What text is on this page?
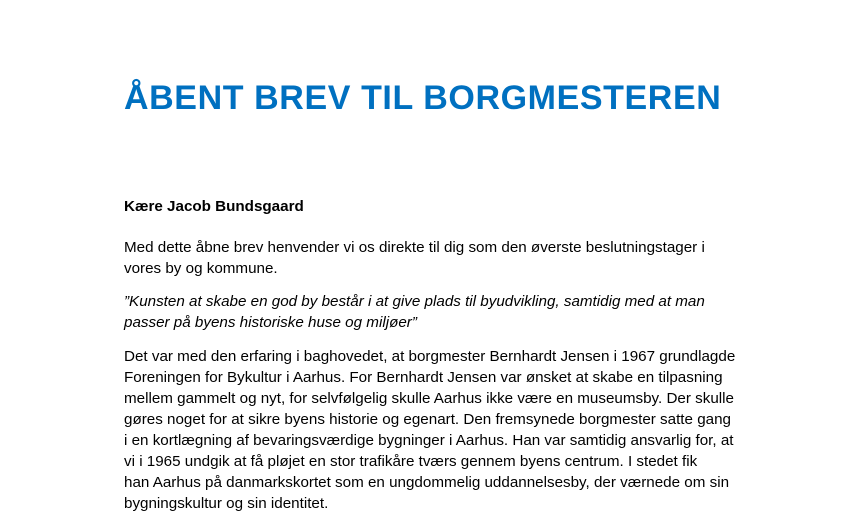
ÅBENT BREV TIL BORGMESTEREN

Kære Jacob Bundsgaard

Med dette åbne brev henvender vi os direkte til dig som den øverste beslutningstager i
vores by og kommune.

”Kunsten at skabe en god by består i at give plads til byudvikling, samtidig med at man
passer på byens historiske huse og miljøer”

Det var med den erfaring i baghovedet, at borgmester Bernhardt Jensen i 1967 grundlagde
Foreningen for Bykultur i Aarhus. For Bernhardt Jensen var ønsket at skabe en tilpasning
mellem gammelt og nyt, for selvfølgelig skulle Aarhus ikke være en museumsby. Der skulle
gøres noget for at sikre byens historie og egenart. Den fremsynede borgmester satte gang
i en kortlægning af bevaringsværdige bygninger i Aarhus. Han var samtidig ansvarlig for, at
vi i 1965 undgik at få pløjet en stor trafikåre tværs gennem byens centrum. I stedet fik
han Aarhus på danmarkskortet som en ungdommelig uddannelsesby, der værnede om sin
bygningskultur og sin identitet.
